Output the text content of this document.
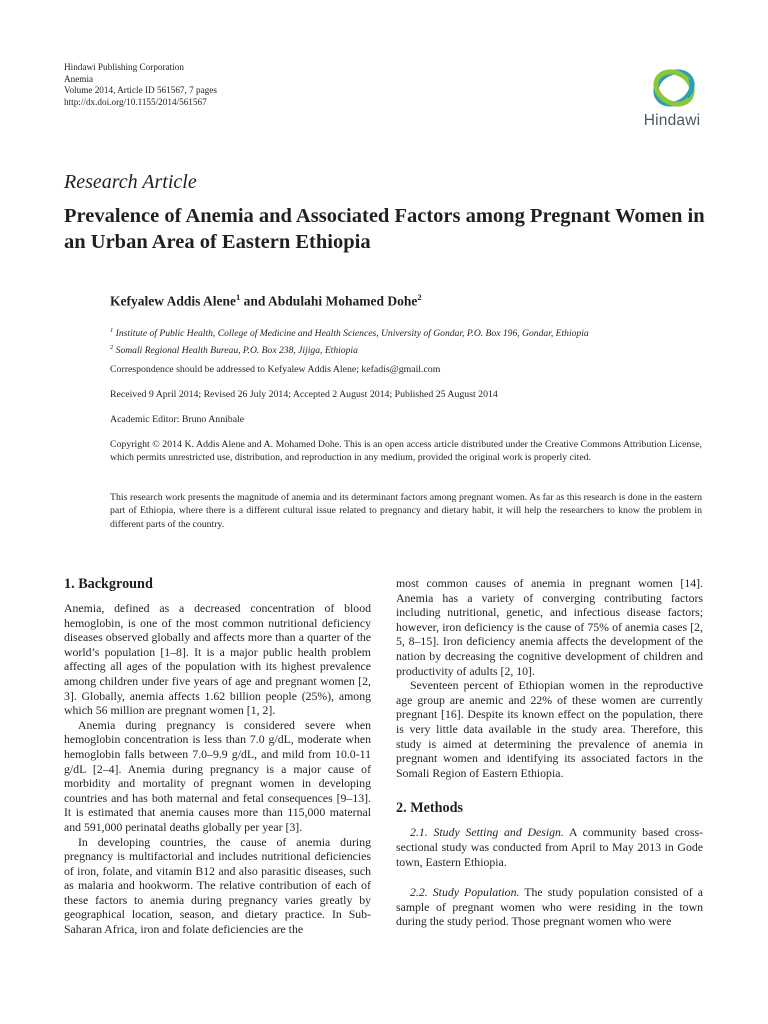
Hindawi Publishing Corporation
Anemia
Volume 2014, Article ID 561567, 7 pages
http://dx.doi.org/10.1155/2014/561567
Hindawi
Research Article
Prevalence of Anemia and Associated Factors among Pregnant Women in an Urban Area of Eastern Ethiopia
Kefyalew Addis Alene$^1$ and Abdulahi Mohamed Dohe$^2$
$^1$ Institute of Public Health, College of Medicine and Health Sciences, University of Gondar, P.O. Box 196, Gondar, Ethiopia
$^2$ Somali Regional Health Bureau, P.O. Box 238, Jijiga, Ethiopia
Correspondence should be addressed to Kefyalew Addis Alene; kefadis@gmail.com
Received 9 April 2014; Revised 26 July 2014; Accepted 2 August 2014; Published 25 August 2014
Academic Editor: Bruno Annibale
Copyright © 2014 K. Addis Alene and A. Mohamed Dohe. This is an open access article distributed under the Creative Commons Attribution License, which permits unrestricted use, distribution, and reproduction in any medium, provided the original work is properly cited.
This research work presents the magnitude of anemia and its determinant factors among pregnant women. As far as this research is done in the eastern part of Ethiopia, where there is a different cultural issue related to pregnancy and dietary habit, it will help the researchers to know the problem in different parts of the country.
1. Background

Anemia, defined as a decreased concentration of blood hemoglobin, is one of the most common nutritional deficiency diseases observed globally and affects more than a quarter of the world’s population [1–8]. It is a major public health problem affecting all ages of the population with its highest prevalence among children under five years of age and pregnant women [2, 3]. Globally, anemia affects 1.62 billion people (25%), among which 56 million are pregnant women [1, 2].

Anemia during pregnancy is considered severe when hemoglobin concentration is less than 7.0 g/dL, moderate when hemoglobin falls between 7.0–9.9 g/dL, and mild from 10.0-11 g/dL [2–4]. Anemia during pregnancy is a major cause of morbidity and mortality of pregnant women in developing countries and has both maternal and fetal consequences [9–13]. It is estimated that anemia causes more than 115,000 maternal and 591,000 perinatal deaths globally per year [3].

In developing countries, the cause of anemia during pregnancy is multifactorial and includes nutritional deficiencies of iron, folate, and vitamin B12 and also parasitic diseases, such as malaria and hookworm. The relative contribution of each of these factors to anemia during pregnancy varies greatly by geographical location, season, and dietary practice. In Sub-Saharan Africa, iron and folate deficiencies are the

most common causes of anemia in pregnant women [14]. Anemia has a variety of converging contributing factors including nutritional, genetic, and infectious disease factors; however, iron deficiency is the cause of 75% of anemia cases [2, 5, 8–15]. Iron deficiency anemia affects the development of the nation by decreasing the cognitive development of children and productivity of adults [2, 10].

Seventeen percent of Ethiopian women in the reproductive age group are anemic and 22% of these women are currently pregnant [16]. Despite its known effect on the population, there is very little data available in the study area. Therefore, this study is aimed at determining the prevalence of anemia in pregnant women and identifying its associated factors in the Somali Region of Eastern Ethiopia.

2. Methods

2.1. Study Setting and Design. A community based cross-sectional study was conducted from April to May 2013 in Gode town, Eastern Ethiopia.

2.2. Study Population. The study population consisted of a sample of pregnant women who were residing in the town during the study period. Those pregnant women who were
